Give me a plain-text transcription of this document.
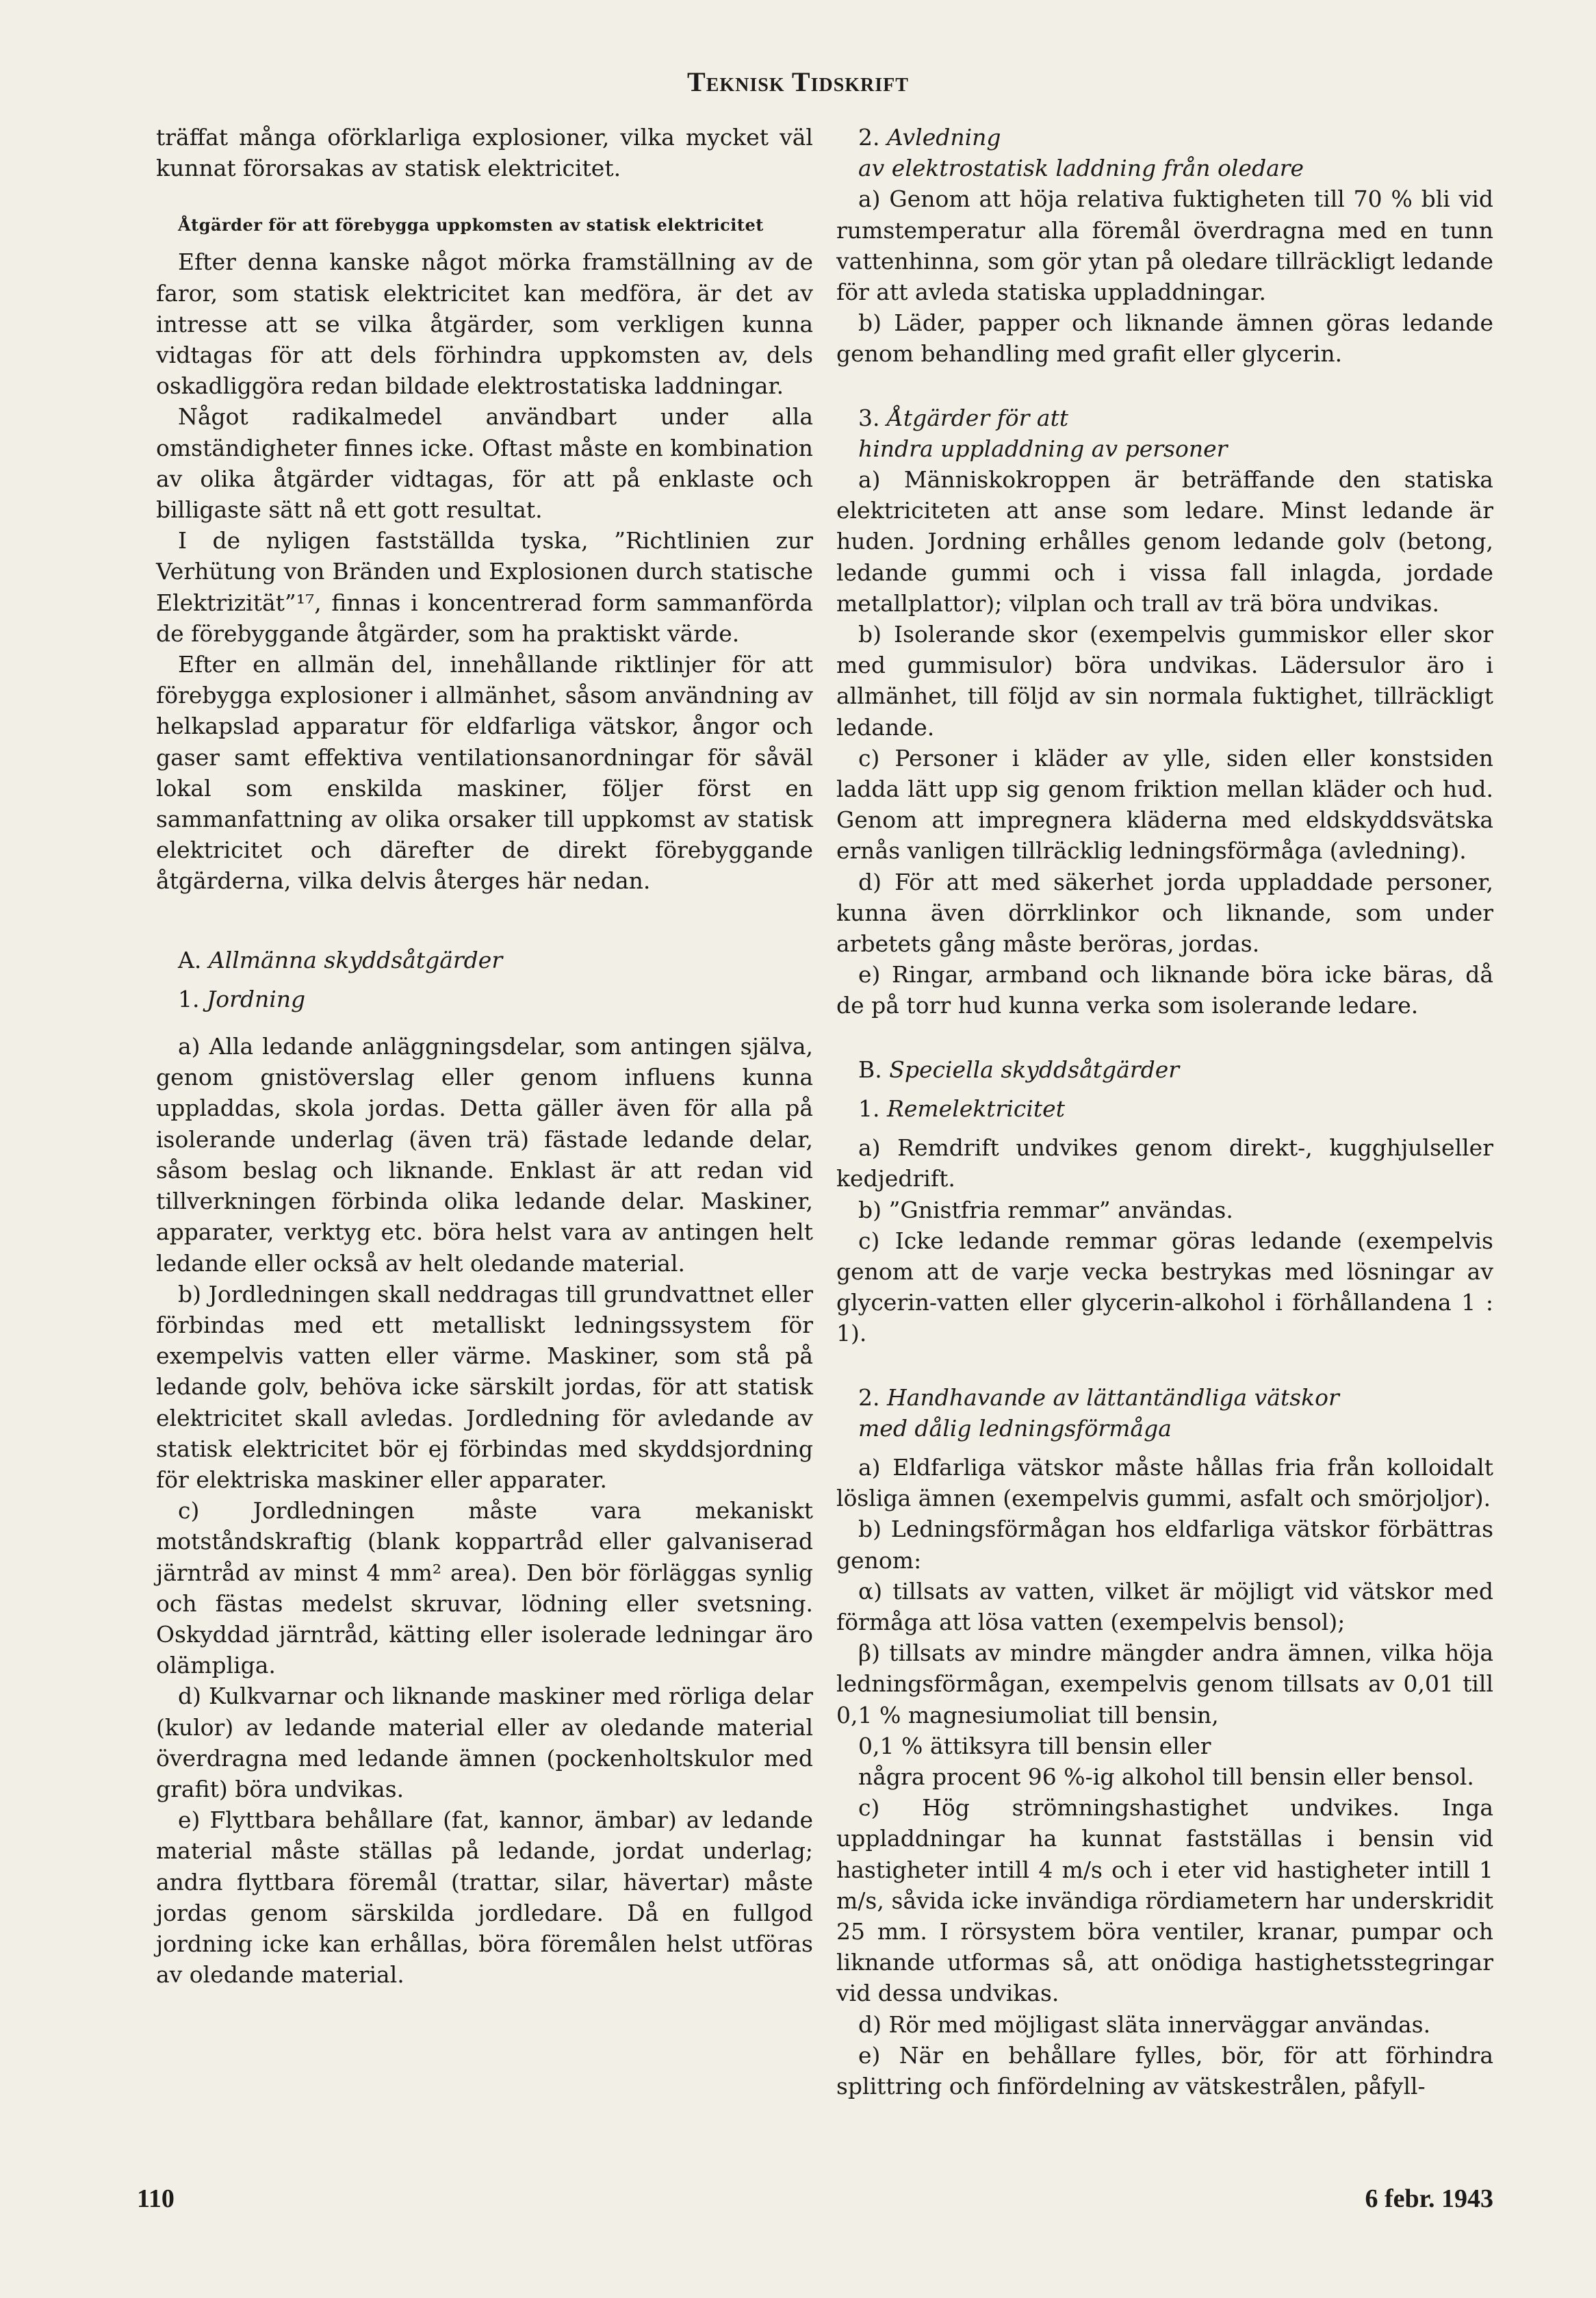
Teknisk Tidskrift

träffat många oförklarliga explosioner, vilka mycket väl kunnat förorsakas av statisk elektricitet.

Åtgärder för att förebygga uppkomsten av statisk elektricitet

Efter denna kanske något mörka framställning av de faror, som statisk elektricitet kan medföra, är det av intresse att se vilka åtgärder, som verkligen kunna vidtagas för att dels förhindra uppkomsten av, dels oskadliggöra redan bildade elektrostatiska laddningar.

Något radikalmedel användbart under alla omständigheter finnes icke. Oftast måste en kombination av olika åtgärder vidtagas, för att på enklaste och billigaste sätt nå ett gott resultat.

I de nyligen fastställda tyska, ”Richtlinien zur Verhütung von Bränden und Explosionen durch statische Elektrizität”¹⁷, finnas i koncentrerad form sammanförda de förebyggande åtgärder, som ha praktiskt värde.

Efter en allmän del, innehållande riktlinjer för att förebygga explosioner i allmänhet, såsom användning av helkapslad apparatur för eldfarliga vätskor, ångor och gaser samt effektiva ventilationsanordningar för såväl lokal som enskilda maskiner, följer först en sammanfattning av olika orsaker till uppkomst av statisk elektricitet och därefter de direkt förebyggande åtgärderna, vilka delvis återges här nedan.

A. Allmänna skyddsåtgärder

1. Jordning

a) Alla ledande anläggningsdelar, som antingen själva, genom gnistöverslag eller genom influens kunna uppladdas, skola jordas. Detta gäller även för alla på isolerande underlag (även trä) fästade ledande delar, såsom beslag och liknande. Enklast är att redan vid tillverkningen förbinda olika ledande delar. Maskiner, apparater, verktyg etc. böra helst vara av antingen helt ledande eller också av helt oledande material.

b) Jordledningen skall neddragas till grundvattnet eller förbindas med ett metalliskt ledningssystem för exempelvis vatten eller värme. Maskiner, som stå på ledande golv, behöva icke särskilt jordas, för att statisk elektricitet skall avledas. Jordledning för avledande av statisk elektricitet bör ej förbindas med skyddsjordning för elektriska maskiner eller apparater.

c) Jordledningen måste vara mekaniskt motståndskraftig (blank koppartråd eller galvaniserad järntråd av minst 4 mm² area). Den bör förläggas synlig och fästas medelst skruvar, lödning eller svetsning. Oskyddad järntråd, kätting eller isolerade ledningar äro olämpliga.

d) Kulkvarnar och liknande maskiner med rörliga delar (kulor) av ledande material eller av oledande material överdragna med ledande ämnen (pockenholtskulor med grafit) böra undvikas.

e) Flyttbara behållare (fat, kannor, ämbar) av ledande material måste ställas på ledande, jordat underlag; andra flyttbara föremål (trattar, silar, hävertar) måste jordas genom särskilda jordledare. Då en fullgod jordning icke kan erhållas, böra föremålen helst utföras av oledande material.

2. Avledning

av elektrostatisk laddning från oledare

a) Genom att höja relativa fuktigheten till 70 % bli vid rumstemperatur alla föremål överdragna med en tunn vattenhinna, som gör ytan på oledare tillräckligt ledande för att avleda statiska uppladdningar.

b) Läder, papper och liknande ämnen göras ledande genom behandling med grafit eller glycerin.

3. Åtgärder för att

hindra uppladdning av personer

a) Människokroppen är beträffande den statiska elektriciteten att anse som ledare. Minst ledande är huden. Jordning erhålles genom ledande golv (betong, ledande gummi och i vissa fall inlagda, jordade metallplattor); vilplan och trall av trä böra undvikas.

b) Isolerande skor (exempelvis gummiskor eller skor med gummisulor) böra undvikas. Lädersulor äro i allmänhet, till följd av sin normala fuktighet, tillräckligt ledande.

c) Personer i kläder av ylle, siden eller konstsiden ladda lätt upp sig genom friktion mellan kläder och hud. Genom att impregnera kläderna med eldskyddsvätska ernås vanligen tillräcklig ledningsförmåga (avledning).

d) För att med säkerhet jorda uppladdade personer, kunna även dörrklinkor och liknande, som under arbetets gång måste beröras, jordas.

e) Ringar, armband och liknande böra icke bäras, då de på torr hud kunna verka som isolerande ledare.

B. Speciella skyddsåtgärder

1. Remelektricitet

a) Remdrift undvikes genom direkt-, kugghjulseller kedjedrift.

b) ”Gnistfria remmar” användas.

c) Icke ledande remmar göras ledande (exempelvis genom att de varje vecka bestrykas med lösningar av glycerin-vatten eller glycerin-alkohol i förhållandena 1 : 1).

2. Handhavande av lättantändliga vätskor

med dålig ledningsförmåga

a) Eldfarliga vätskor måste hållas fria från kolloidalt lösliga ämnen (exempelvis gummi, asfalt och smörjoljor).

b) Ledningsförmågan hos eldfarliga vätskor förbättras genom:

α) tillsats av vatten, vilket är möjligt vid vätskor med förmåga att lösa vatten (exempelvis bensol);

β) tillsats av mindre mängder andra ämnen, vilka höja ledningsförmågan, exempelvis genom tillsats av 0,01 till 0,1 % magnesiumoliat till bensin,

0,1 % ättiksyra till bensin eller

några procent 96 %-ig alkohol till bensin eller bensol.

c) Hög strömningshastighet undvikes. Inga uppladdningar ha kunnat fastställas i bensin vid hastigheter intill 4 m/s och i eter vid hastigheter intill 1 m/s, såvida icke invändiga rördiametern har underskridit 25 mm. I rörsystem böra ventiler, kranar, pumpar och liknande utformas så, att onödiga hastighetsstegringar vid dessa undvikas.

d) Rör med möjligast släta innerväggar användas.

e) När en behållare fylles, bör, för att förhindra splittring och finfördelning av vätskestrålen, påfyll-

110	6 febr. 1943
